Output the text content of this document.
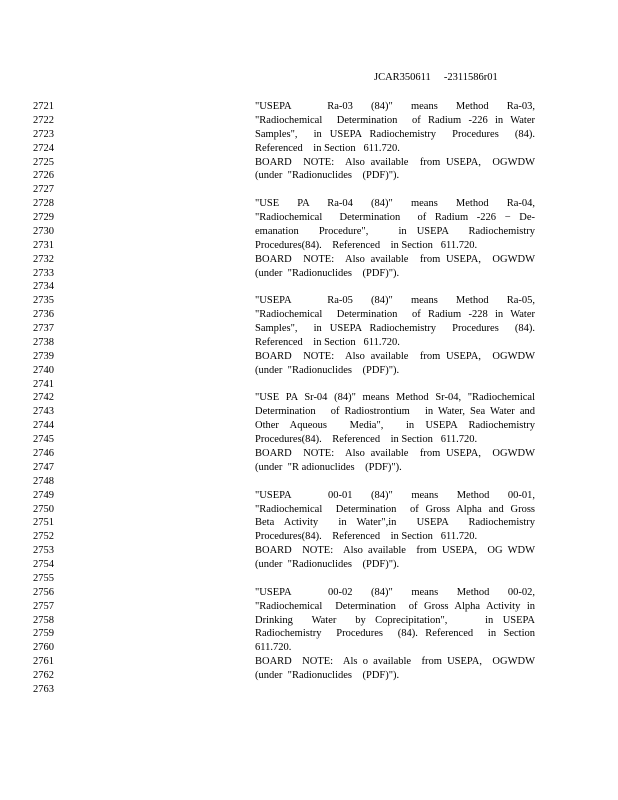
JCAR350611     -2311586r01
2721	"USEPA  Ra-03 (84)" means Method Ra-03,
2722	"Radiochemical  Determination  of Radium -226 in Water
2723	Samples",  in USEPA Radiochemistry  Procedures  (84).
2724	Referenced    in Section   611.720.
2725	BOARD  NOTE:  Also available  from USEPA,  OGWDW
2726	(under  "Radionuclides    (PDF)").
2727
2728	"USE PA Ra-04 (84)" means Method Ra-04,
2729	"Radiochemical  Determination  of Radium -226 − De-
2730	emanation  Procedure",   in USEPA  Radiochemistry
2731	Procedures(84).    Referenced    in Section   611.720.
2732	BOARD  NOTE:  Also available  from USEPA,  OGWDW
2733	(under  "Radionuclides    (PDF)").
2734
2735	"USEPA  Ra-05 (84)" means Method Ra-05,
2736	"Radiochemical  Determination  of Radium -228 in Water
2737	Samples",  in USEPA Radiochemistry  Procedures  (84).
2738	Referenced    in Section   611.720.
2739	BOARD  NOTE:  Also available  from USEPA,  OGWDW
2740	(under  "Radionuclides    (PDF)").
2741
2742	"USE PA Sr-04 (84)" means Method Sr-04, "Radiochemical
2743	Determination   of Radiostrontium   in Water, Sea Water and
2744	Other Aqueous  Media",  in USEPA Radiochemistry
2745	Procedures(84).    Referenced    in Section   611.720.
2746	BOARD  NOTE:  Also available  from USEPA,  OGWDW
2747	(under  "R adionuclides    (PDF)").
2748
2749	"USEPA  00-01 (84)" means Method 00-01,
2750	"Radiochemical  Determination  of Gross Alpha and Gross
2751	Beta Activity  in Water",in  USEPA  Radiochemistry
2752	Procedures(84).    Referenced    in Section   611.720.
2753	BOARD  NOTE:  Also available  from USEPA,  OG WDW
2754	(under  "Radionuclides    (PDF)").
2755
2756	"USEPA  00-02 (84)" means Method 00-02,
2757	"Radiochemical  Determination  of Gross Alpha Activity in
2758	Drinking  Water  by Coprecipitation",    in USEPA
2759	Radiochemistry  Procedures  (84). Referenced  in Section
2760	611.720.
2761	BOARD  NOTE:  Als o available  from USEPA,  OGWDW
2762	(under  "Radionuclides    (PDF)").
2763
